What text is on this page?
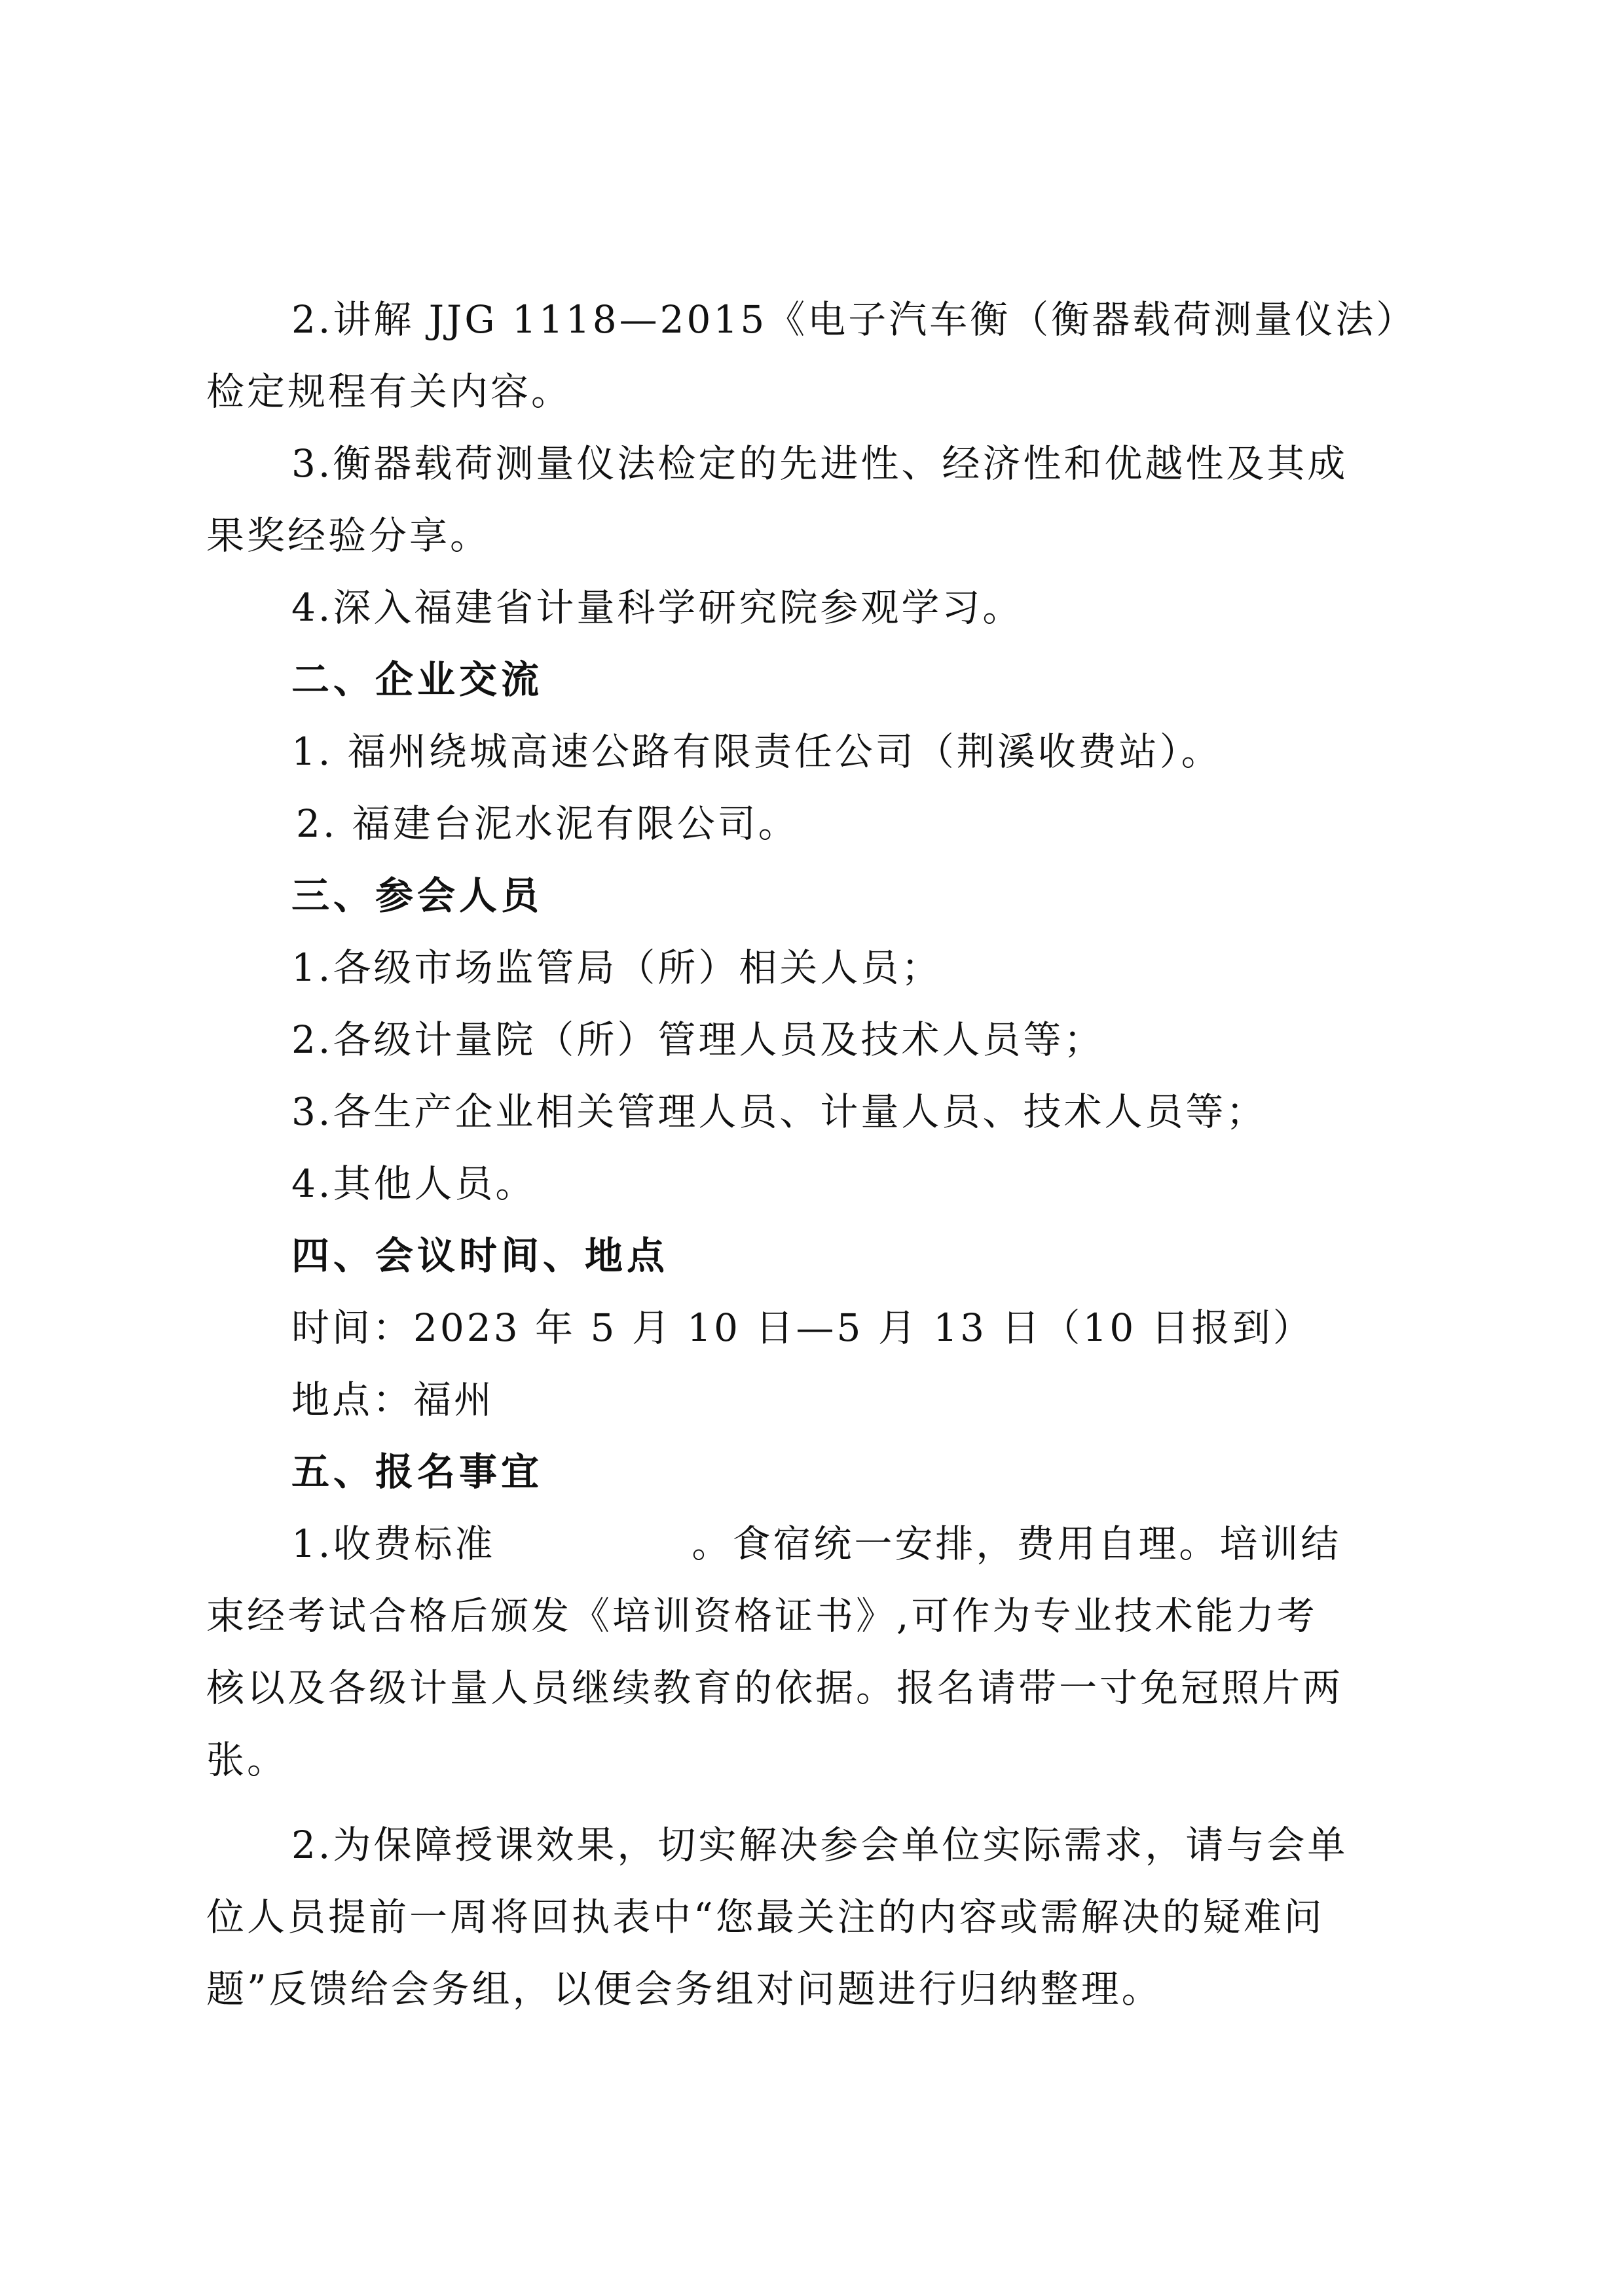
2.讲解 JJG 1118—2015《电子汽车衡（衡器载荷测量仪法）
检定规程有关内容。
3.衡器载荷测量仪法检定的先进性、经济性和优越性及其成
果奖经验分享。
4.深入福建省计量科学研究院参观学习。
二、企业交流
1. 福州绕城高速公路有限责任公司（荆溪收费站）。
2. 福建台泥水泥有限公司。
三、参会人员
1.各级市场监管局（所）相关人员；
2.各级计量院（所）管理人员及技术人员等；
3.各生产企业相关管理人员、计量人员、技术人员等；
4.其他人员。
四、会议时间、地点
时间：2023 年 5 月 10 日—5 月 13 日（10 日报到）
地点：福州
五、报名事宜
1.收费标准	。食宿统一安排，费用自理。培训结
束经考试合格后颁发《培训资格证书》,可作为专业技术能力考
核以及各级计量人员继续教育的依据。报名请带一寸免冠照片两
张。
2.为保障授课效果，切实解决参会单位实际需求，请与会单
位人员提前一周将回执表中“您最关注的内容或需解决的疑难问
题”反馈给会务组，以便会务组对问题进行归纳整理。
